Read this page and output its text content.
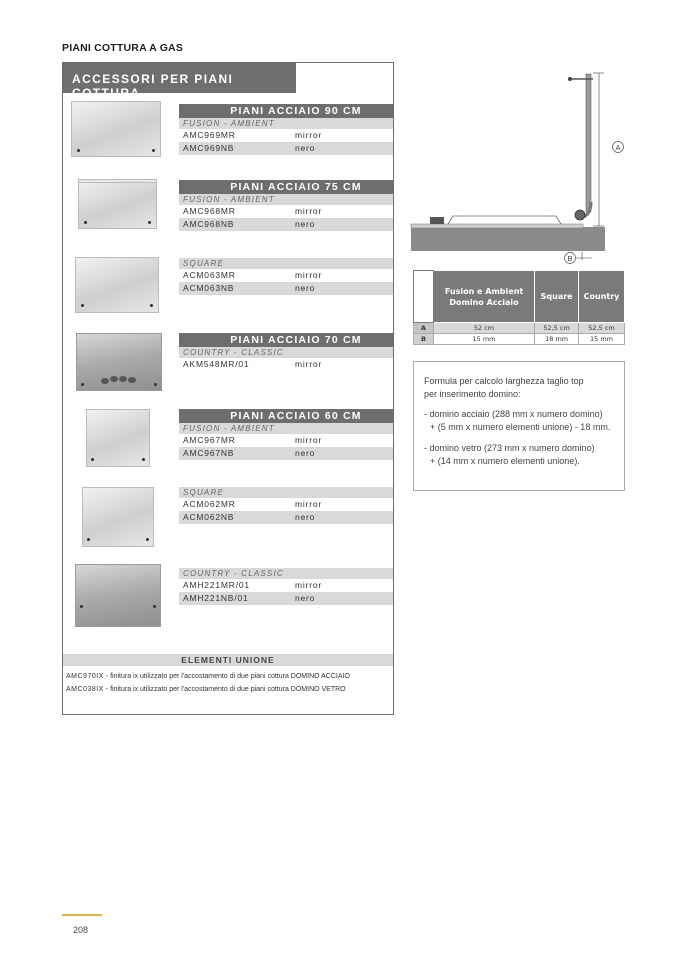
PIANI COTTURA A GAS
ACCESSORI PER PIANI COTTURA
PIANI ACCIAIO 90 CM
FUSION - AMBIENT
AMC969MR	mirror
AMC969NB	nero
PIANI ACCIAIO 75 CM
FUSION - AMBIENT
AMC968MR	mirror
AMC968NB	nero
SQUARE
ACM063MR	mirror
ACM063NB	nero
PIANI ACCIAIO 70 CM
COUNTRY - CLASSIC
AKM548MR/01	mirror
PIANI ACCIAIO 60 CM
FUSION - AMBIENT
AMC967MR	mirror
AMC967NB	nero
SQUARE
ACM062MR	mirror
ACM062NB	nero
COUNTRY - CLASSIC
AMH221MR/01	mirror
AMH221NB/01	nero
ELEMENTI UNIONE
AMC970IX - finitura ix utilizzato per l'accostamento di due piani cottura DOMINO ACCIAIO
AMC038IX - finitura ix utilizzato per l'accostamento di due piani cottura DOMINO VETRO
A
B
	Fusion e Ambient Domino Acciaio	Square	Country
A	52 cm	52,5 cm	52,5 cm
B	15 mm	18 mm	15 mm
Formula per calcolo larghezza taglio top
per inserimento domino:
- domino acciaio (288 mm x numero domino)
+ (5 mm x numero elementi unione) - 18 mm.
- domino vetro (273 mm x numero domino)
+ (14 mm x numero elementi unione).
208
